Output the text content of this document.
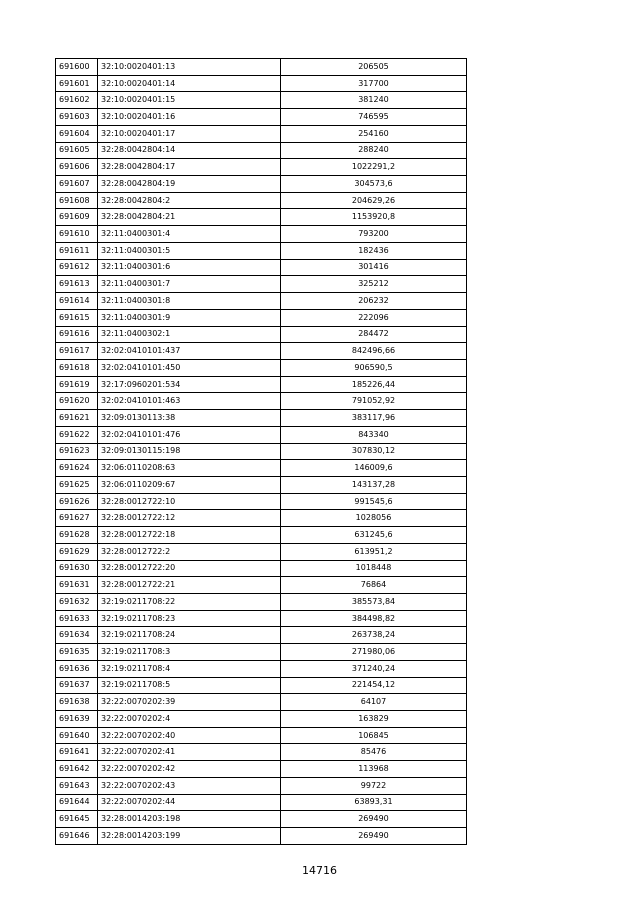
691600	32:10:0020401:13	206505
691601	32:10:0020401:14	317700
691602	32:10:0020401:15	381240
691603	32:10:0020401:16	746595
691604	32:10:0020401:17	254160
691605	32:28:0042804:14	288240
691606	32:28:0042804:17	1022291,2
691607	32:28:0042804:19	304573,6
691608	32:28:0042804:2	204629,26
691609	32:28:0042804:21	1153920,8
691610	32:11:0400301:4	793200
691611	32:11:0400301:5	182436
691612	32:11:0400301:6	301416
691613	32:11:0400301:7	325212
691614	32:11:0400301:8	206232
691615	32:11:0400301:9	222096
691616	32:11:0400302:1	284472
691617	32:02:0410101:437	842496,66
691618	32:02:0410101:450	906590,5
691619	32:17:0960201:534	185226,44
691620	32:02:0410101:463	791052,92
691621	32:09:0130113:38	383117,96
691622	32:02:0410101:476	843340
691623	32:09:0130115:198	307830,12
691624	32:06:0110208:63	146009,6
691625	32:06:0110209:67	143137,28
691626	32:28:0012722:10	991545,6
691627	32:28:0012722:12	1028056
691628	32:28:0012722:18	631245,6
691629	32:28:0012722:2	613951,2
691630	32:28:0012722:20	1018448
691631	32:28:0012722:21	76864
691632	32:19:0211708:22	385573,84
691633	32:19:0211708:23	384498,82
691634	32:19:0211708:24	263738,24
691635	32:19:0211708:3	271980,06
691636	32:19:0211708:4	371240,24
691637	32:19:0211708:5	221454,12
691638	32:22:0070202:39	64107
691639	32:22:0070202:4	163829
691640	32:22:0070202:40	106845
691641	32:22:0070202:41	85476
691642	32:22:0070202:42	113968
691643	32:22:0070202:43	99722
691644	32:22:0070202:44	63893,31
691645	32:28:0014203:198	269490
691646	32:28:0014203:199	269490
14716
